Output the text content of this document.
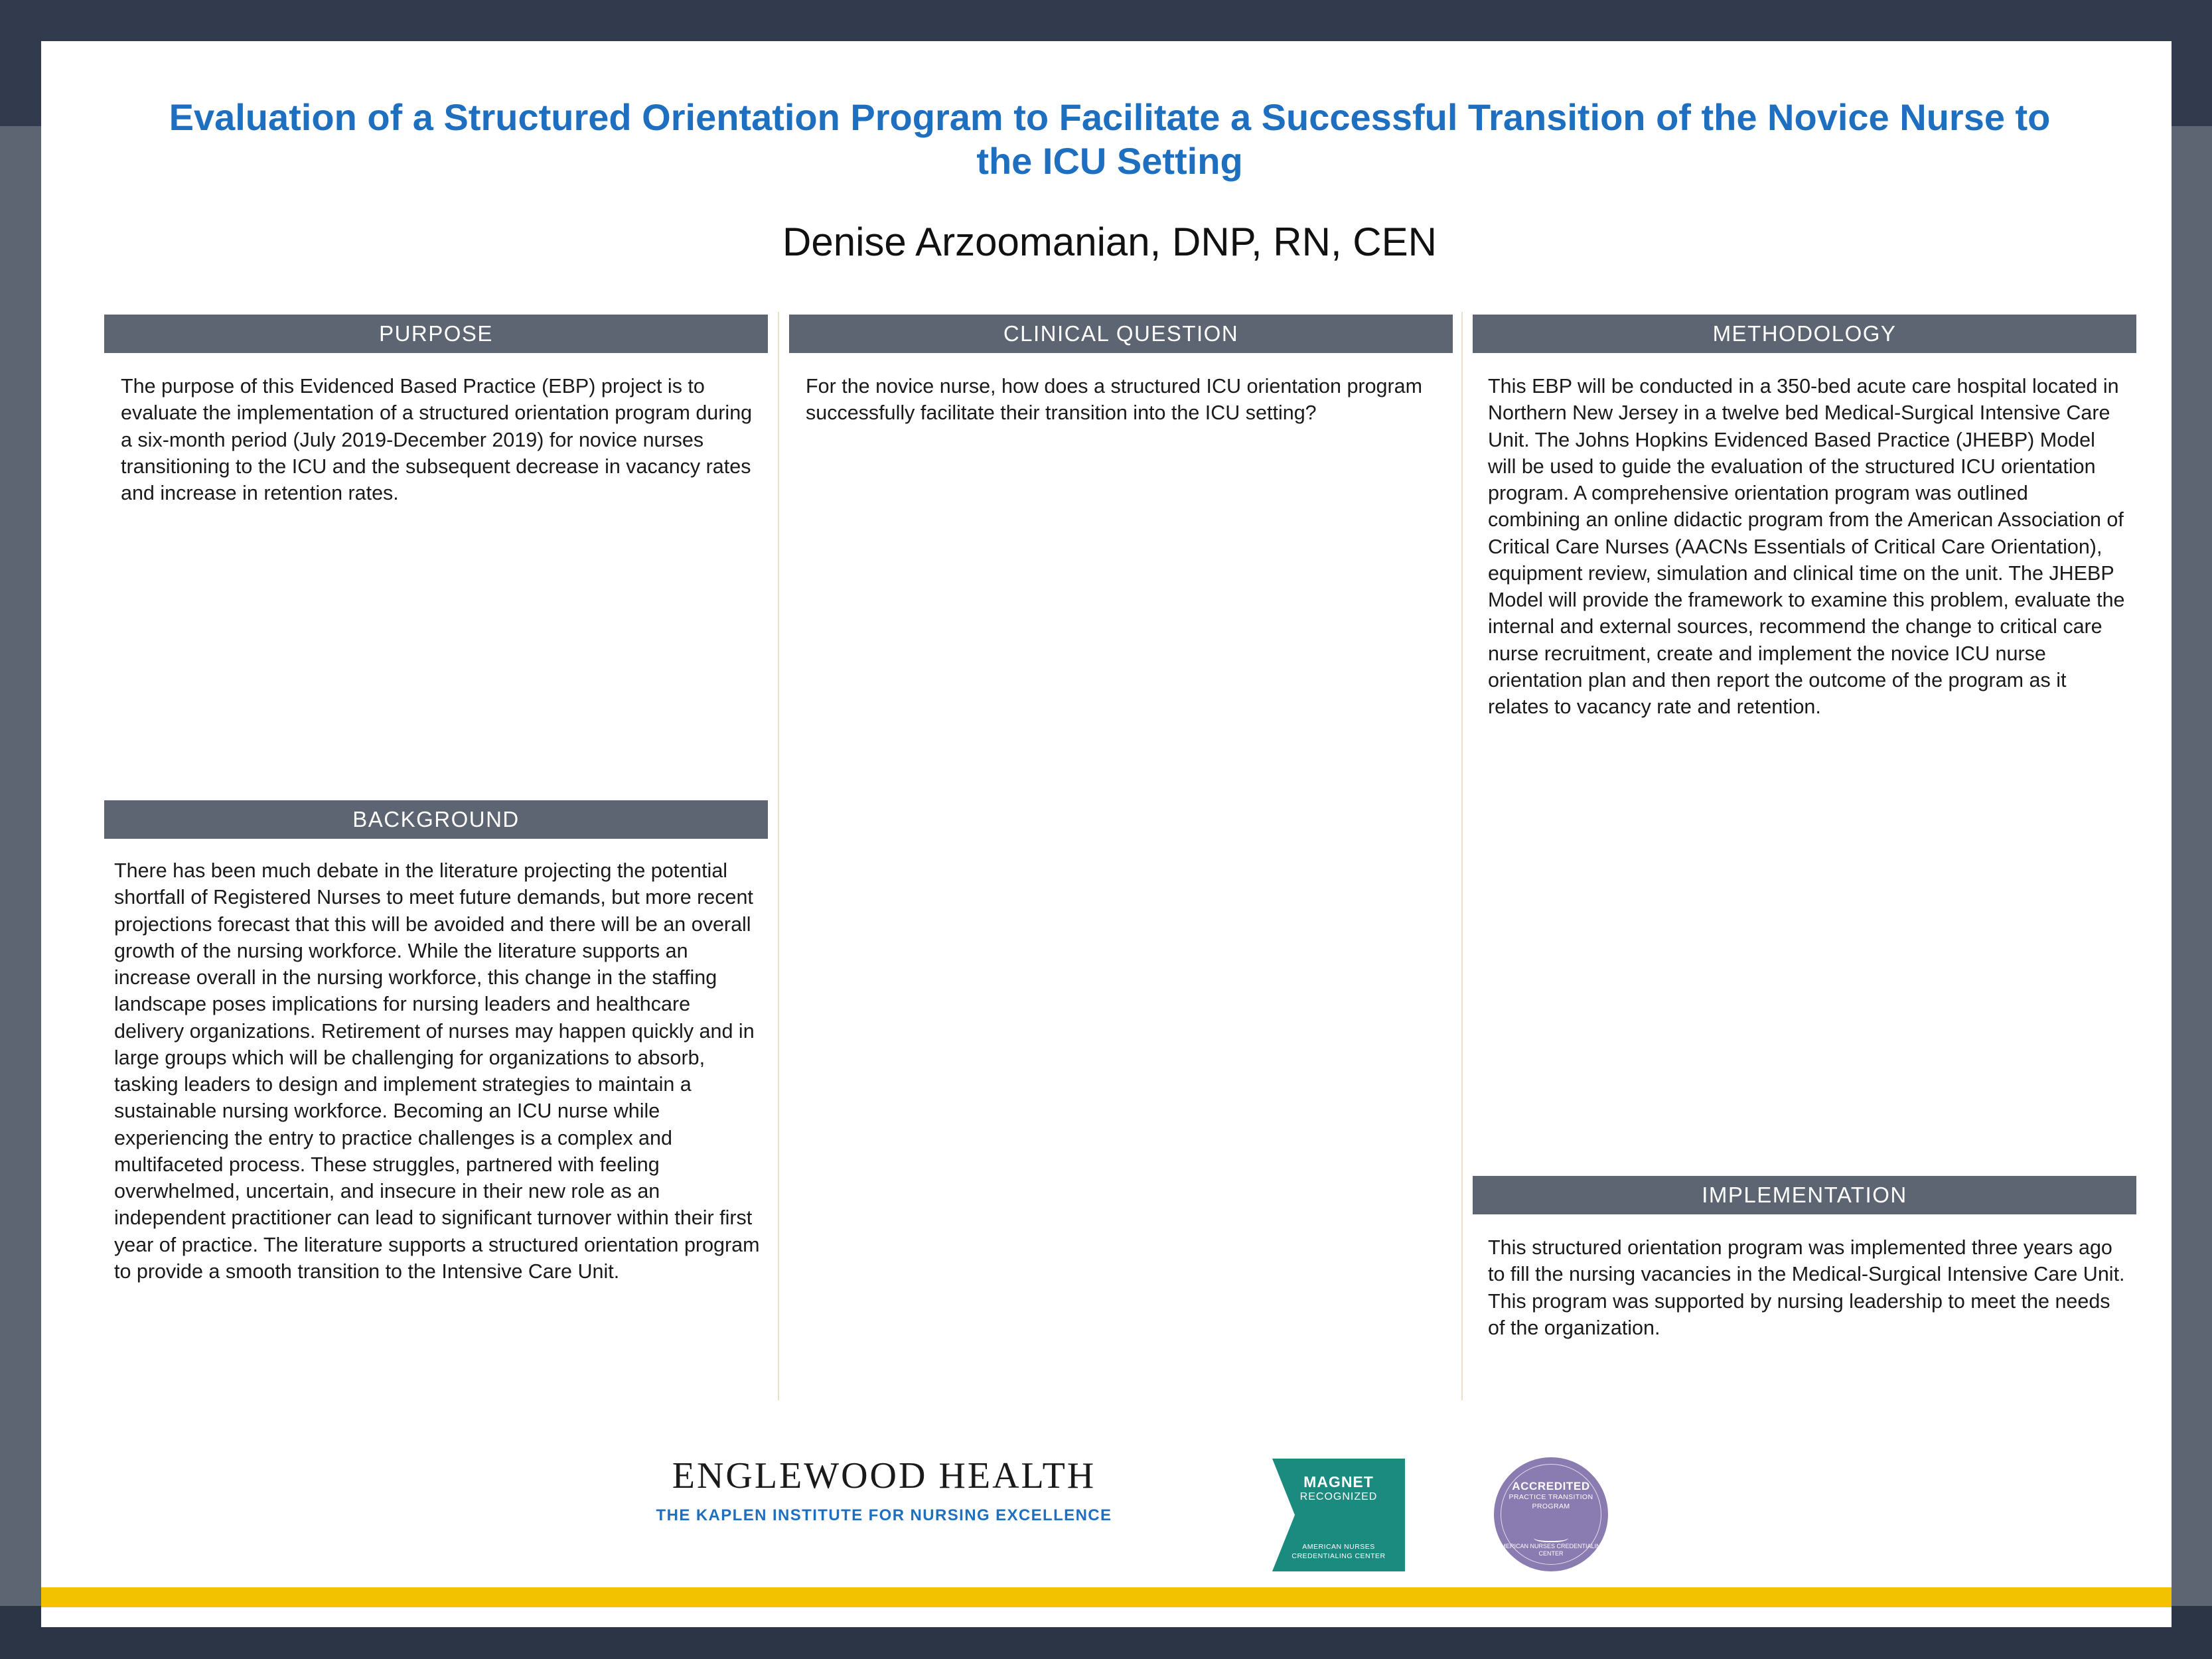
Evaluation of a Structured Orientation Program to Facilitate a Successful Transition of the Novice Nurse to the ICU Setting
Denise Arzoomanian, DNP, RN, CEN
PURPOSE
The purpose of this Evidenced Based Practice (EBP) project is to evaluate the implementation of a structured orientation program during a six-month period (July 2019-December 2019) for novice nurses transitioning to the ICU and the subsequent decrease in vacancy rates and increase in retention rates.
BACKGROUND
There has been much debate in the literature projecting the potential shortfall of Registered Nurses to meet future demands, but more recent projections forecast that this will be avoided and there will be an overall growth of the nursing workforce. While the literature supports an increase overall in the nursing workforce, this change in the staffing landscape poses implications for nursing leaders and healthcare delivery organizations. Retirement of nurses may happen quickly and in large groups which will be challenging for organizations to absorb, tasking leaders to design and implement strategies to maintain a sustainable nursing workforce. Becoming an ICU nurse while experiencing the entry to practice challenges is a complex and multifaceted process. These struggles, partnered with feeling overwhelmed, uncertain, and insecure in their new role as an independent practitioner can lead to significant turnover within their first year of practice. The literature supports a structured orientation program to provide a smooth transition to the Intensive Care Unit.
CLINICAL QUESTION
For the novice nurse, how does a structured ICU orientation program successfully facilitate their transition into the ICU setting?
METHODOLOGY
This EBP will be conducted in a 350-bed acute care hospital located in Northern New Jersey in a twelve bed Medical-Surgical Intensive Care Unit. The Johns Hopkins Evidenced Based Practice (JHEBP) Model will be used to guide the evaluation of the structured ICU orientation program. A comprehensive orientation program was outlined combining an online didactic program from the American Association of Critical Care Nurses (AACNs Essentials of Critical Care Orientation), equipment review, simulation and clinical time on the unit. The JHEBP Model will provide the framework to examine this problem, evaluate the internal and external sources, recommend the change to critical care nurse recruitment, create and implement the novice ICU nurse orientation plan and then report the outcome of the program as it relates to vacancy rate and retention.
IMPLEMENTATION
This structured orientation program was implemented three years ago to fill the nursing vacancies in the Medical-Surgical Intensive Care Unit. This program was supported by nursing leadership to meet the needs of the organization.
ENGLEWOOD HEALTH
THE KAPLEN INSTITUTE FOR NURSING EXCELLENCE
MAGNET
RECOGNIZED
AMERICAN NURSES CREDENTIALING CENTER
ACCREDITED
PRACTICE TRANSITION PROGRAM
AMERICAN NURSES CREDENTIALING CENTER
